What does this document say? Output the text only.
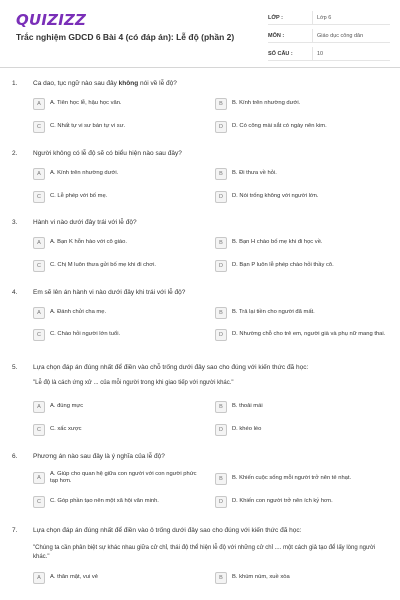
QUIZIZZ
Trắc nghiệm GDCD 6 Bài 4 (có đáp án): Lễ độ (phần 2)
LỚP :	Lớp 6
MÔN :	Giáo dục công dân
SỐ CÂU :	10
1. Ca dao, tục ngữ nào sau đây không nói về lễ độ?
A	A. Tiên học lễ, hậu học văn.	B	B. Kính trên nhường dưới.
C	C. Nhất tự vi sư bán tự vi sư.	D	D. Có công mài sắt có ngày nên kim.
2. Người không có lễ độ sẽ có biểu hiện nào sau đây?
A	A. Kính trên nhường dưới.	B	B. Đi thưa về hỏi.
C	C. Lễ phép với bố mẹ.	D	D. Nói trống không với người lớn.
3. Hành vi nào dưới đây trái với lễ độ?
A	A. Bạn K hỗn hào với cô giáo.	B	B. Bạn H chào bố mẹ khi đi học về.
C	C. Chị M luôn thưa gửi bố mẹ khi đi chơi.	D	D. Bạn P luôn lễ phép chào hỏi thầy cô.
4. Em sẽ lên án hành vi nào dưới đây khi trái với lễ độ?
A	A. Đánh chửi cha mẹ.	B	B. Trả lại tiền cho người đã mất.
C	C. Chào hỏi người lớn tuổi.	D	D. Nhường chỗ cho trẻ em, người già và phụ nữ mang thai.
5. Lựa chọn đáp án đúng nhất để điền vào chỗ trống dưới đây sao cho đúng với kiến thức đã học:
"Lễ độ là cách ứng xử ... của mỗi người trong khi giao tiếp với người khác."
A	A. đúng mực	B	B. thoải mái
C	C. xấc xược	D	D. khéo léo
6. Phương án nào sau đây là ý nghĩa của lễ độ?
A
A. Giúp cho quan hệ giữa con người với con người phức tạp hơn.	B	B. Khiến cuộc sống mỗi người trở nên tẻ nhạt.
C	C. Góp phần tạo nên một xã hội văn minh.	D	D. Khiến con người trở nên ích kỷ hơn.
7. Lựa chọn đáp án đúng nhất để điền vào ô trống dưới đây sao cho đúng với kiến thức đã học:
"Chúng ta cần phân biệt sự khác nhau giữa cử chỉ, thái độ thể hiện lễ độ với những cử chỉ .... một cách giả tạo để lấy lòng người khác."
A	A. thân mật, vui vẻ	B	B. khúm núm, xuề xòa
